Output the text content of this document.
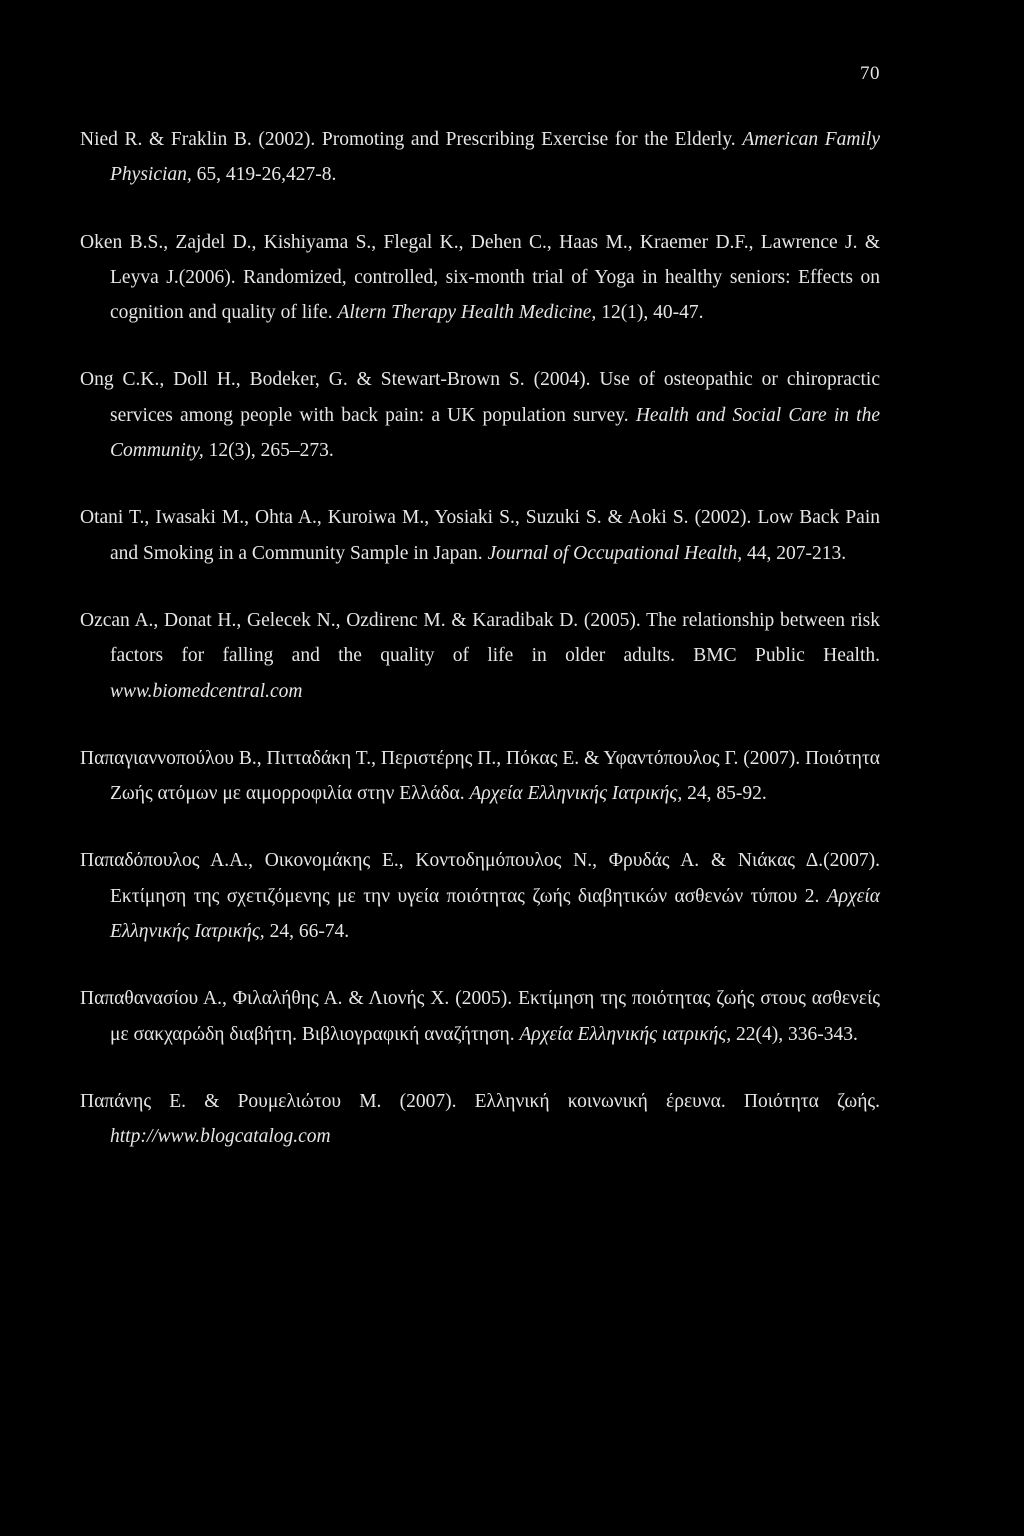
70

Nied R. & Fraklin B. (2002). Promoting and Prescribing Exercise for the Elderly. American Family Physician, 65, 419-26,427-8.

Oken B.S., Zajdel D., Kishiyama S., Flegal K., Dehen C., Haas M., Kraemer D.F., Lawrence J. & Leyva J.(2006). Randomized, controlled, six-month trial of Yoga in healthy seniors: Effects on cognition and quality of life. Altern Therapy Health Medicine, 12(1), 40-47.

Ong C.K., Doll H., Bodeker, G. & Stewart-Brown S. (2004). Use of osteopathic or chiropractic services among people with back pain: a UK population survey. Health and Social Care in the Community, 12(3), 265–273.

Otani T., Iwasaki M., Ohta A., Kuroiwa M., Yosiaki S., Suzuki S. & Aoki S. (2002). Low Back Pain and Smoking in a Community Sample in Japan. Journal of Occupational Health, 44, 207-213.

Ozcan A., Donat H., Gelecek N., Ozdirenc M. & Karadibak D. (2005). The relationship between risk factors for falling and the quality of life in older adults. BMC Public Health. www.biomedcentral.com

Παπαγιαννοπούλου Β., Πιτταδάκη Τ., Περιστέρης Π., Πόκας Ε. & Υφαντόπουλος Γ. (2007). Ποιότητα Ζωής ατόμων με αιμορροφιλία στην Ελλάδα. Αρχεία Ελληνικής Ιατρικής, 24, 85-92.

Παπαδόπουλος Α.Α., Οικονομάκης Ε., Κοντοδημόπουλος Ν., Φρυδάς Α. & Νιάκας Δ.(2007). Εκτίμηση της σχετιζόμενης με την υγεία ποιότητας ζωής διαβητικών ασθενών τύπου 2. Αρχεία Ελληνικής Ιατρικής, 24, 66-74.

Παπαθανασίου Α., Φιλαλήθης Α. & Λιονής Χ. (2005). Εκτίμηση της ποιότητας ζωής στους ασθενείς με σακχαρώδη διαβήτη. Βιβλιογραφική αναζήτηση. Αρχεία Ελληνικής ιατρικής, 22(4), 336-343.

Παπάνης Ε. & Ρουμελιώτου Μ. (2007). Ελληνική κοινωνική έρευνα. Ποιότητα ζωής. http://www.blogcatalog.com
